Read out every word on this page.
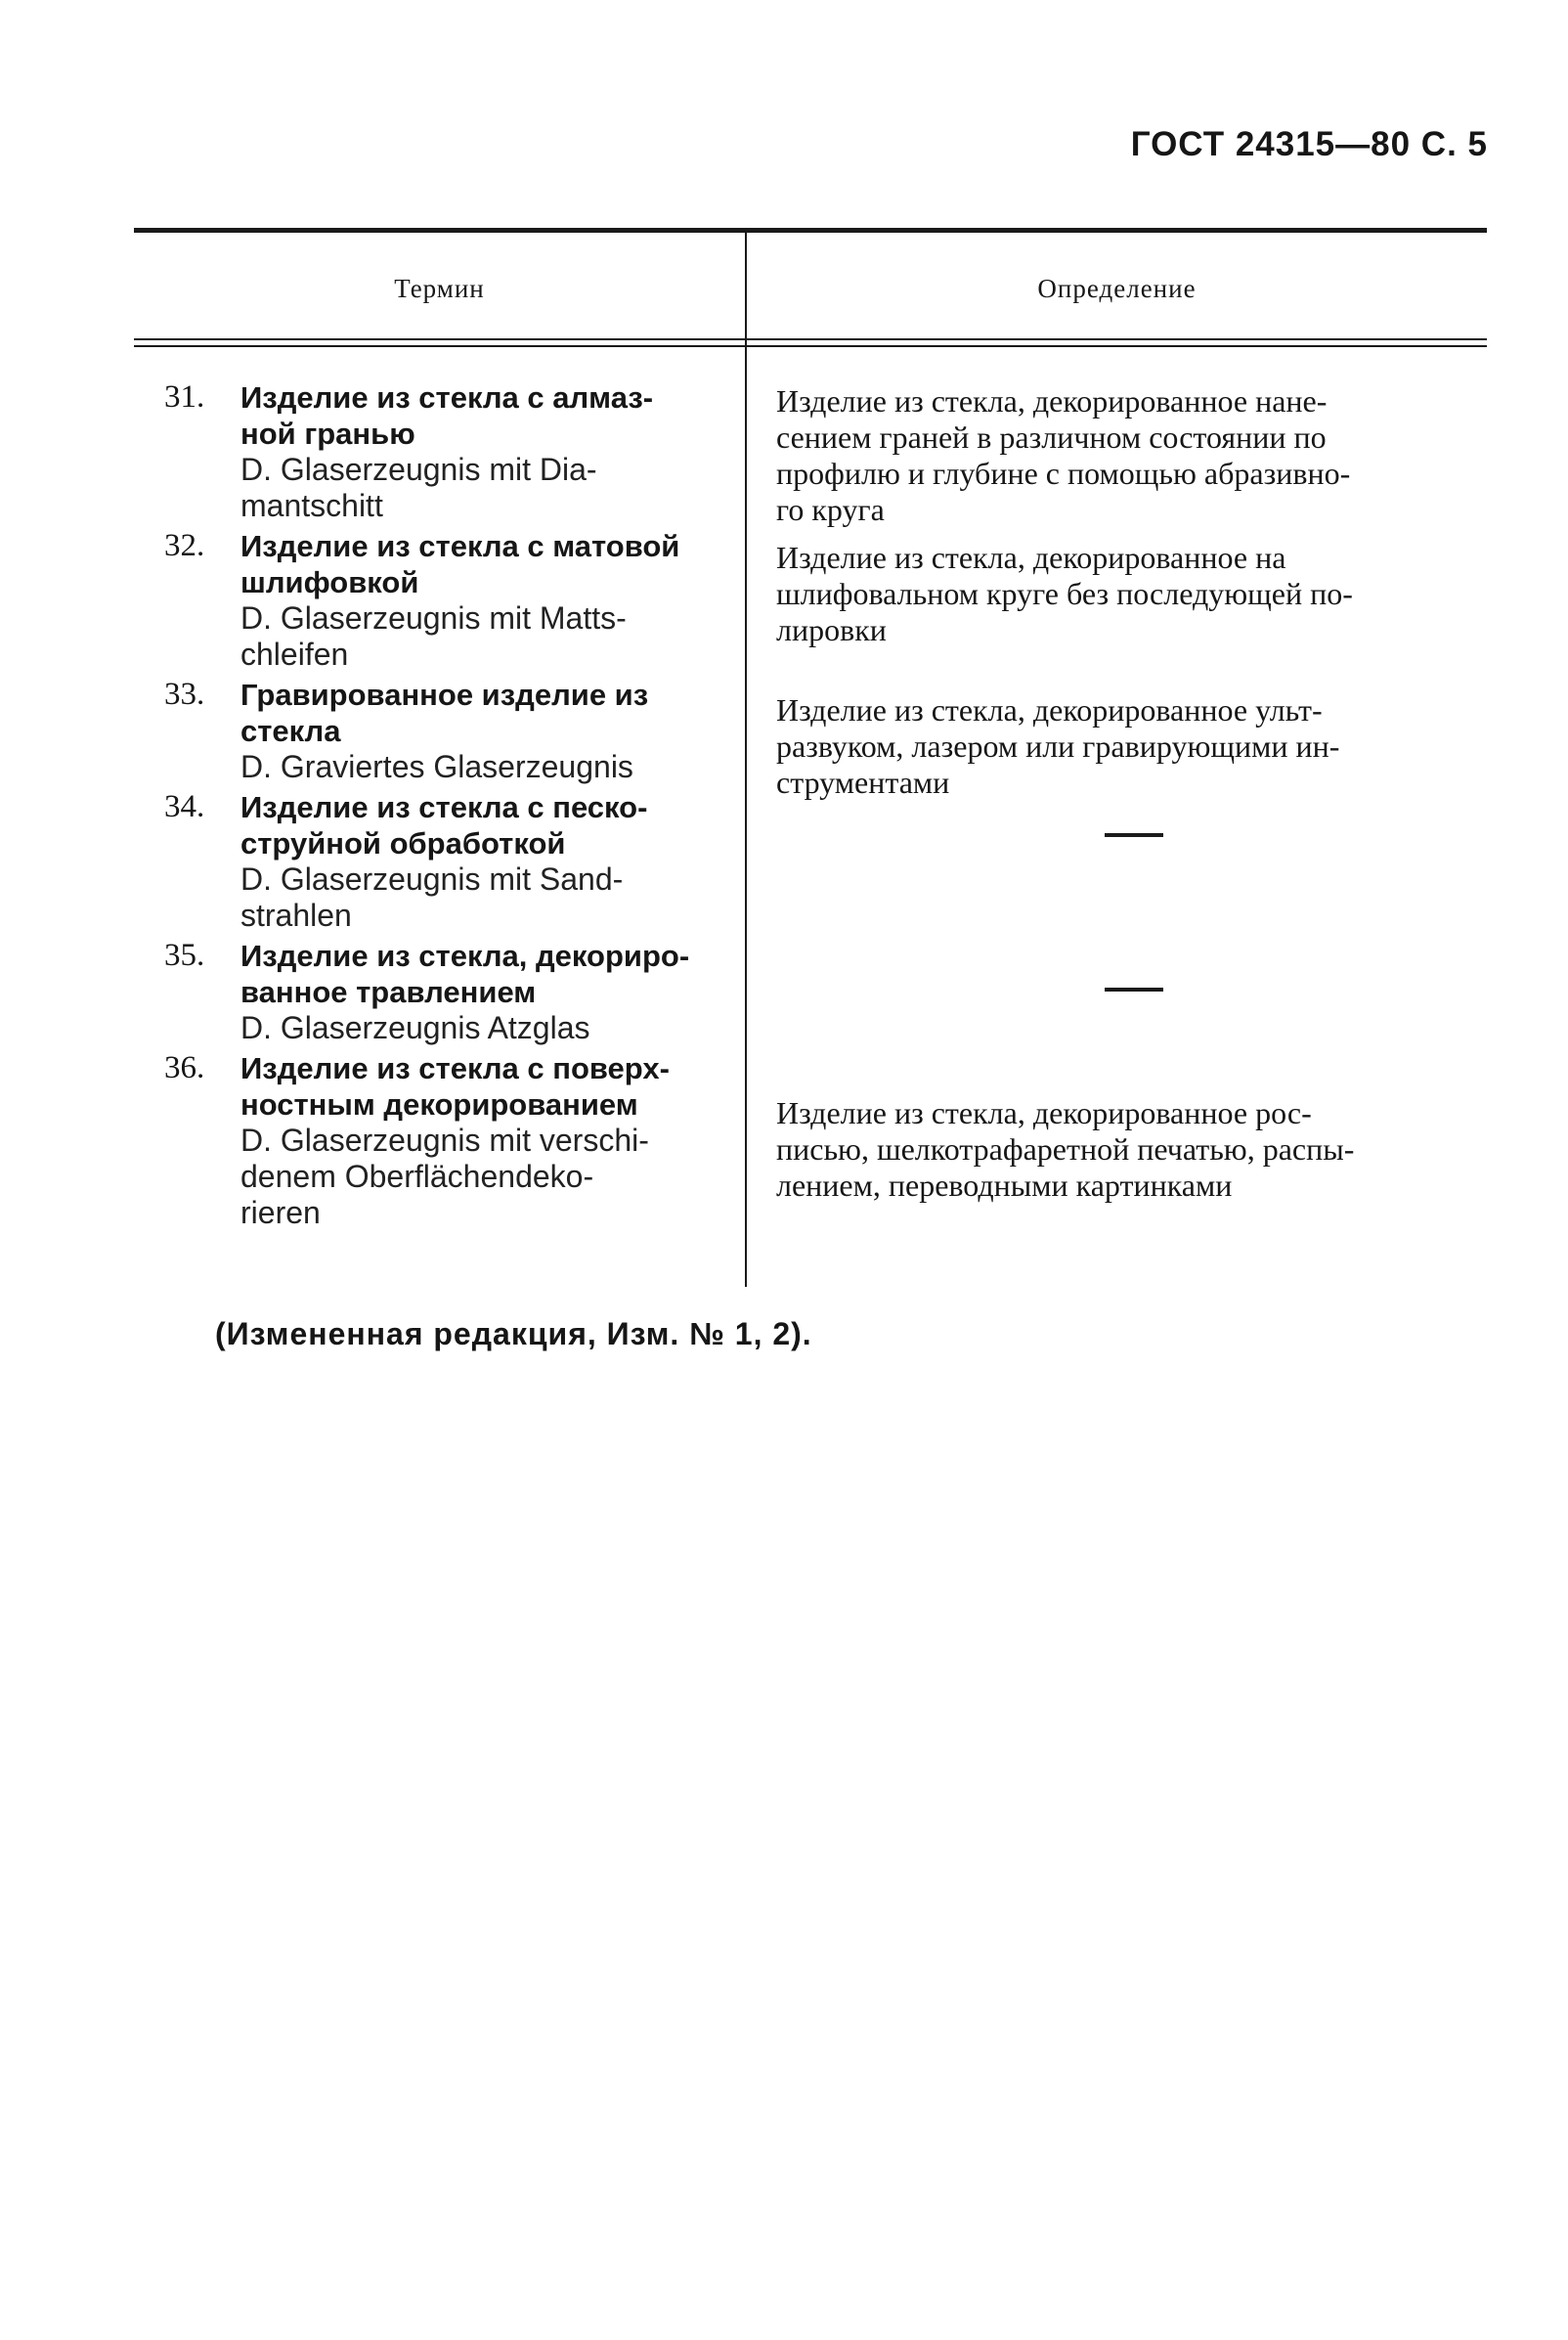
ГОСТ 24315—80 С. 5
Термин	Определение
31. Изделие из стекла с алмаз-
ной гранью
D. Glaserzeugnis mit Dia-
mantschitt
32. Изделие из стекла с матовой
шлифовкой
D. Glaserzeugnis mit Matts-
chleifen
33. Гравированное изделие из
стекла
D. Graviertes Glaserzeugnis
34. Изделие из стекла с песко-
струйной обработкой
D. Glaserzeugnis mit Sand-
strahlen
35. Изделие из стекла, декориро-
ванное травлением
D. Glaserzeugnis Atzglas
36. Изделие из стекла с поверх-
ностным декорированием
D. Glaserzeugnis mit verschi-
denem Oberflächendeko-
rieren
Изделие из стекла, декорированное нане-
сением граней в различном состоянии по
профилю и глубине с помощью абразивно-
го круга
Изделие из стекла, декорированное на
шлифовальном круге без последующей по-
лировки
Изделие из стекла, декорированное ульт-
развуком, лазером или гравирующими ин-
струментами
Изделие из стекла, декорированное рос-
писью, шелкотрафаретной печатью, распы-
лением, переводными картинками
(Измененная редакция, Изм. № 1, 2).
